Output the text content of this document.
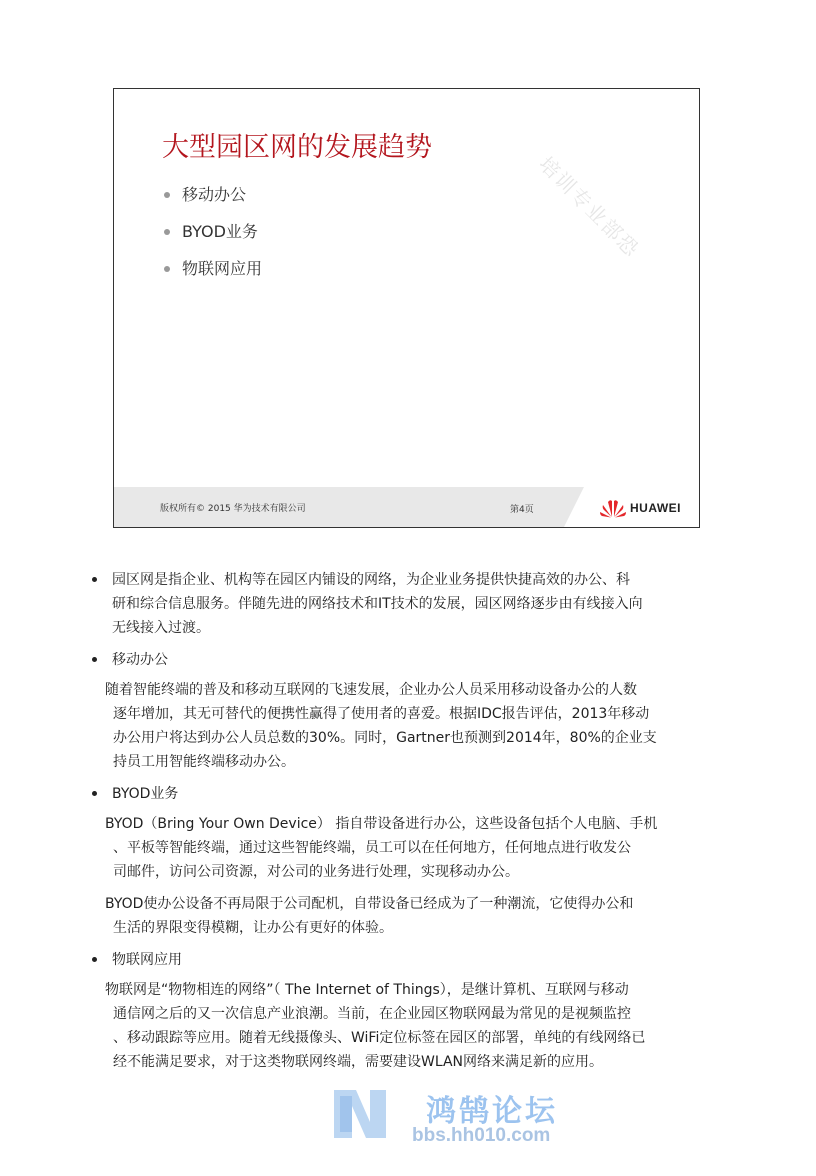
培训专业部恐
大型园区网的发展趋势
移动办公
BYOD业务
物联网应用
版权所有© 2015 华为技术有限公司	第4页	HUAWEI
园区网是指企业、机构等在园区内铺设的网络，为企业业务提供快捷高效的办公、科
研和综合信息服务。伴随先进的网络技术和IT技术的发展，园区网络逐步由有线接入向
无线接入过渡。
移动办公
随着智能终端的普及和移动互联网的飞速发展，企业办公人员采用移动设备办公的人数
逐年增加，其无可替代的便携性赢得了使用者的喜爱。根据IDC报告评估，2013年移动
办公用户将达到办公人员总数的30%。同时，Gartner也预测到2014年，80%的企业支
持员工用智能终端移动办公。
BYOD业务
BYOD（Bring Your Own Device） 指自带设备进行办公，这些设备包括个人电脑、手机
、平板等智能终端，通过这些智能终端，员工可以在任何地方，任何地点进行收发公
司邮件，访问公司资源，对公司的业务进行处理，实现移动办公。
BYOD使办公设备不再局限于公司配机，自带设备已经成为了一种潮流，它使得办公和
生活的界限变得模糊，让办公有更好的体验。
物联网应用
物联网是“物物相连的网络”（ The Internet of Things），是继计算机、互联网与移动
通信网之后的又一次信息产业浪潮。当前，在企业园区物联网最为常见的是视频监控
、移动跟踪等应用。随着无线摄像头、WiFi定位标签在园区的部署，单纯的有线网络已
经不能满足要求，对于这类物联网终端，需要建设WLAN网络来满足新的应用。
鸿鹄论坛
bbs.hh010.com
